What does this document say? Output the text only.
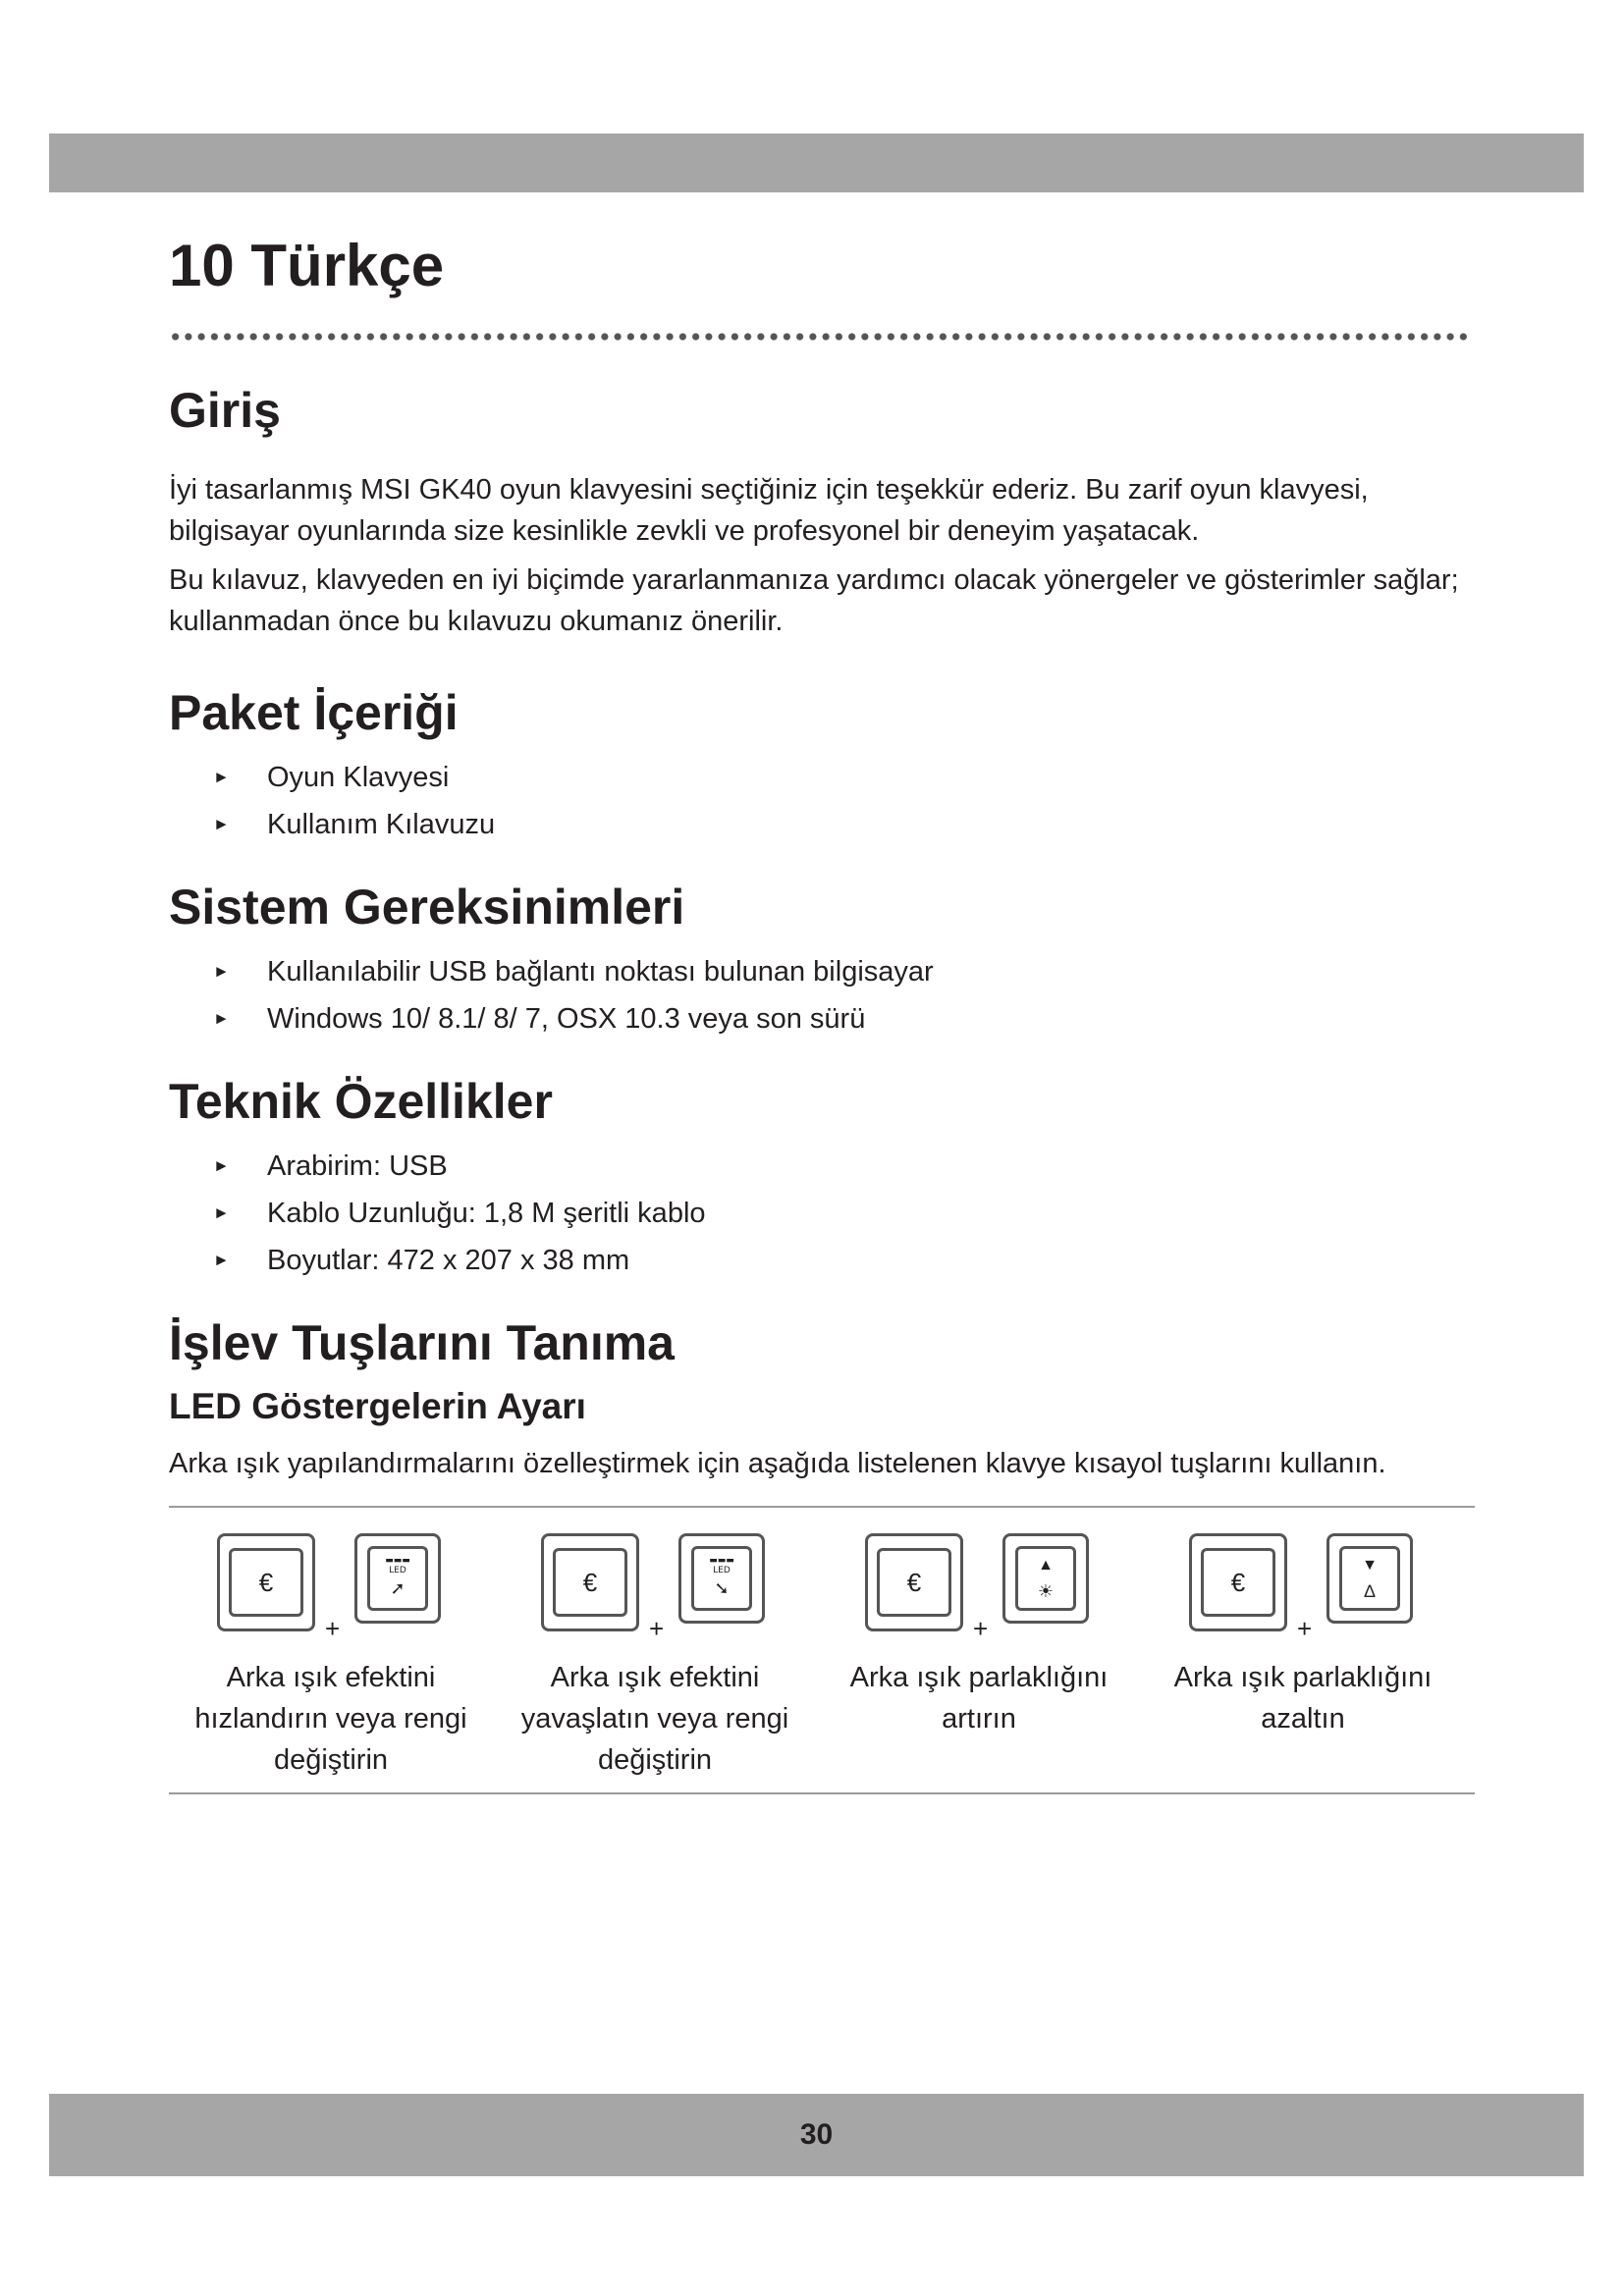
10 Türkçe
Giriş

İyi tasarlanmış MSI GK40 oyun klavyesini seçtiğiniz için teşekkür ederiz. Bu zarif oyun klavyesi, bilgisayar oyunlarında size kesinlikle zevkli ve profesyonel bir deneyim yaşatacak.

Bu kılavuz, klavyeden en iyi biçimde yararlanmanıza yardımcı olacak yönergeler ve gösterimler sağlar; kullanmadan önce bu kılavuzu okumanız önerilir.

Paket İçeriği
► Oyun Klavyesi
► Kullanım Kılavuzu
Sistem Gereksinimleri
► Kullanılabilir USB bağlantı noktası bulunan bilgisayar
► Windows 10/ 8.1/ 8/ 7, OSX 10.3 veya son sürü
Teknik Özellikler
► Arabirim: USB
► Kablo Uzunluğu: 1,8 M şeritli kablo
► Boyutlar: 472 x 207 x 38 mm
İşlev Tuşlarını Tanıma
LED Göstergelerin Ayarı

Arka ışık yapılandırmalarını özelleştirmek için aşağıda listelenen klavye kısayol tuşlarını kullanın.

€
+
▬▬▬
LED
➚
Arka ışık efektini hızlandırın veya rengi değiştirin
€
+
▬▬▬
LED
➘
Arka ışık efektini yavaşlatın veya rengi değiştirin
€
+
▲
☀
Arka ışık parlaklığını artırın
€
+
▼
∆
Arka ışık parlaklığını azaltın
30
